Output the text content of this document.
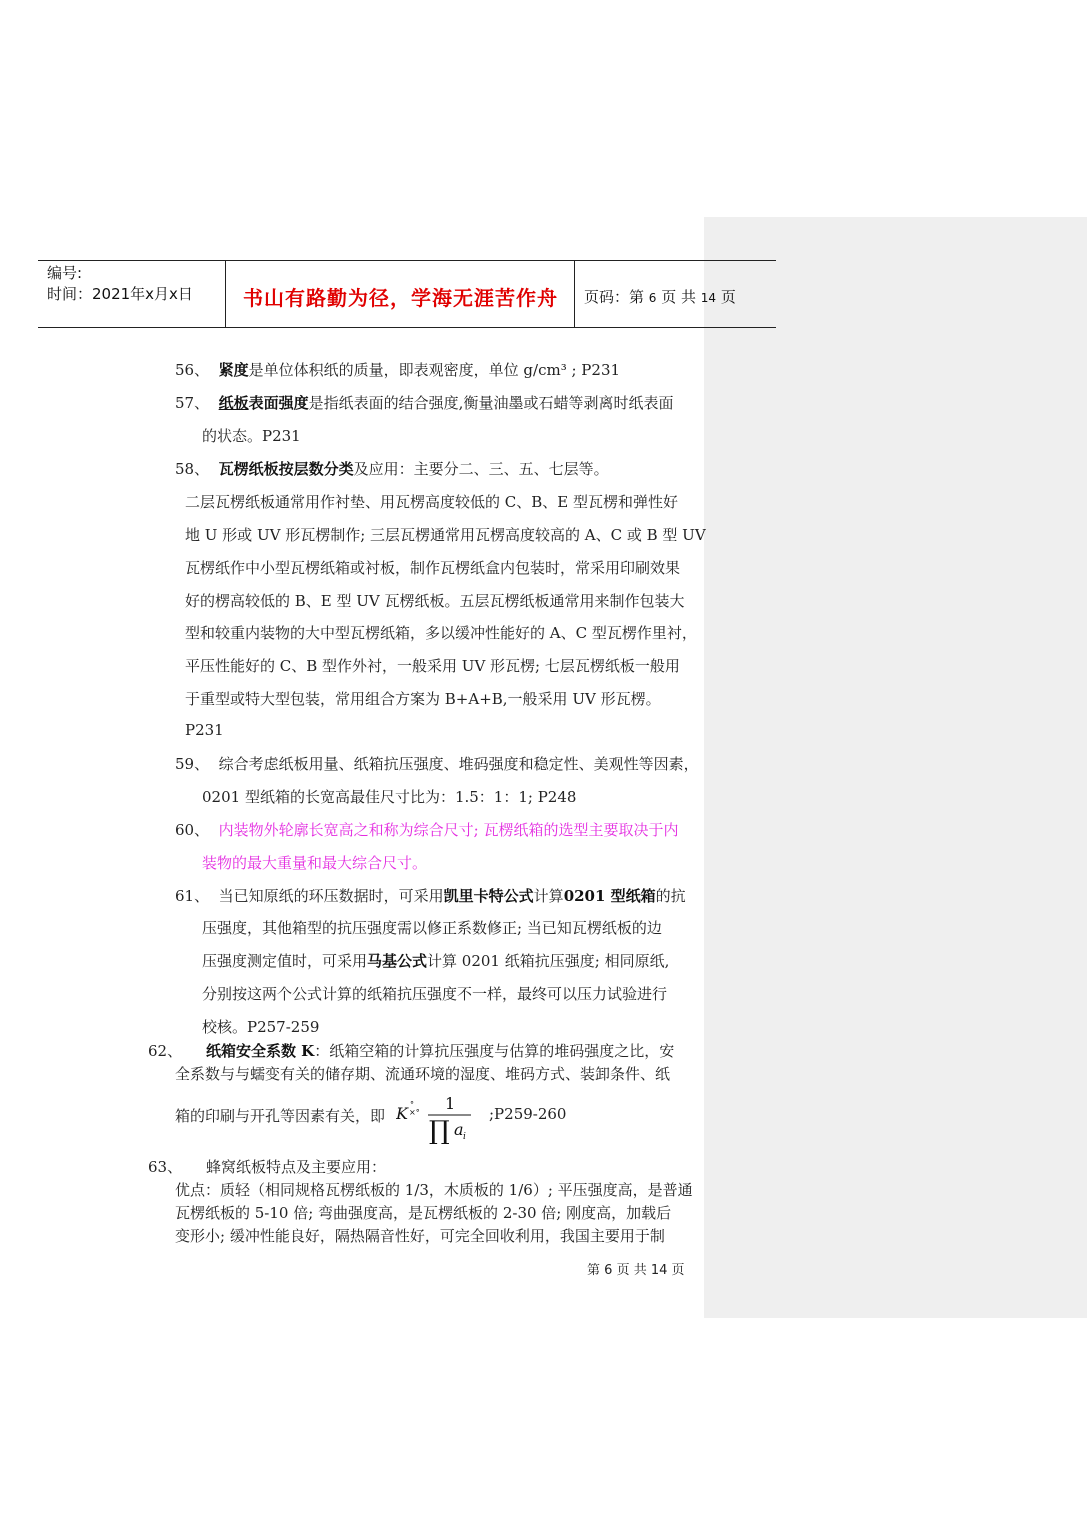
编号:
时间：2021年x月x日	书山有路勤为径，学海无涯苦作舟 页码：第 6 页 共 14 页
56、 紧度是单位体积纸的质量，即表观密度，单位 g/cm³ ; P231
57、 纸板表面强度是指纸表面的结合强度,衡量油墨或石蜡等剥离时纸表面
的状态。P231
58、 瓦楞纸板按层数分类及应用：主要分二、三、五、七层等。
二层瓦楞纸板通常用作衬垫、用瓦楞高度较低的 C、B、E 型瓦楞和弹性好
地 U 形或 UV 形瓦楞制作; 三层瓦楞通常用瓦楞高度较高的 A、C 或 B 型 UV
瓦楞纸作中小型瓦楞纸箱或衬板，制作瓦楞纸盒内包装时，常采用印刷效果
好的楞高较低的 B、E 型 UV 瓦楞纸板。五层瓦楞纸板通常用来制作包装大
型和较重内装物的大中型瓦楞纸箱，多以缓冲性能好的 A、C 型瓦楞作里衬，
平压性能好的 C、B 型作外衬，一般采用 UV 形瓦楞; 七层瓦楞纸板一般用
于重型或特大型包装，常用组合方案为 B+A+B,一般采用 UV 形瓦楞。
P231
59、 综合考虑纸板用量、纸箱抗压强度、堆码强度和稳定性、美观性等因素，
0201 型纸箱的长宽高最佳尺寸比为：1.5：1：1; P248
60、 内装物外轮廓长宽高之和称为综合尺寸; 瓦楞纸箱的选型主要取决于内
装物的最大重量和最大综合尺寸。
61、 当已知原纸的环压数据时，可采用凯里卡特公式计算0201 型纸箱的抗
压强度，其他箱型的抗压强度需以修正系数修正; 当已知瓦楞纸板的边
压强度测定值时，可采用马基公式计算 0201 纸箱抗压强度; 相同原纸,
分别按这两个公式计算的纸箱抗压强度不一样，最终可以压力试验进行
校核。P257-259
62、 纸箱安全系数 K：纸箱空箱的计算抗压强度与估算的堆码强度之比，安
全系数与与蠕变有关的储存期、流通环境的湿度、堆码方式、装卸条件、纸
箱的印刷与开孔等因素有关，即 K °
×° 1
∏ a i
;P259-260
63、 蜂窝纸板特点及主要应用：
优点：质轻（相同规格瓦楞纸板的 1/3，木质板的 1/6）; 平压强度高，是普通
瓦楞纸板的 5-10 倍; 弯曲强度高，是瓦楞纸板的 2-30 倍; 刚度高，加载后
变形小; 缓冲性能良好，隔热隔音性好，可完全回收利用，我国主要用于制
第 6 页 共 14 页
